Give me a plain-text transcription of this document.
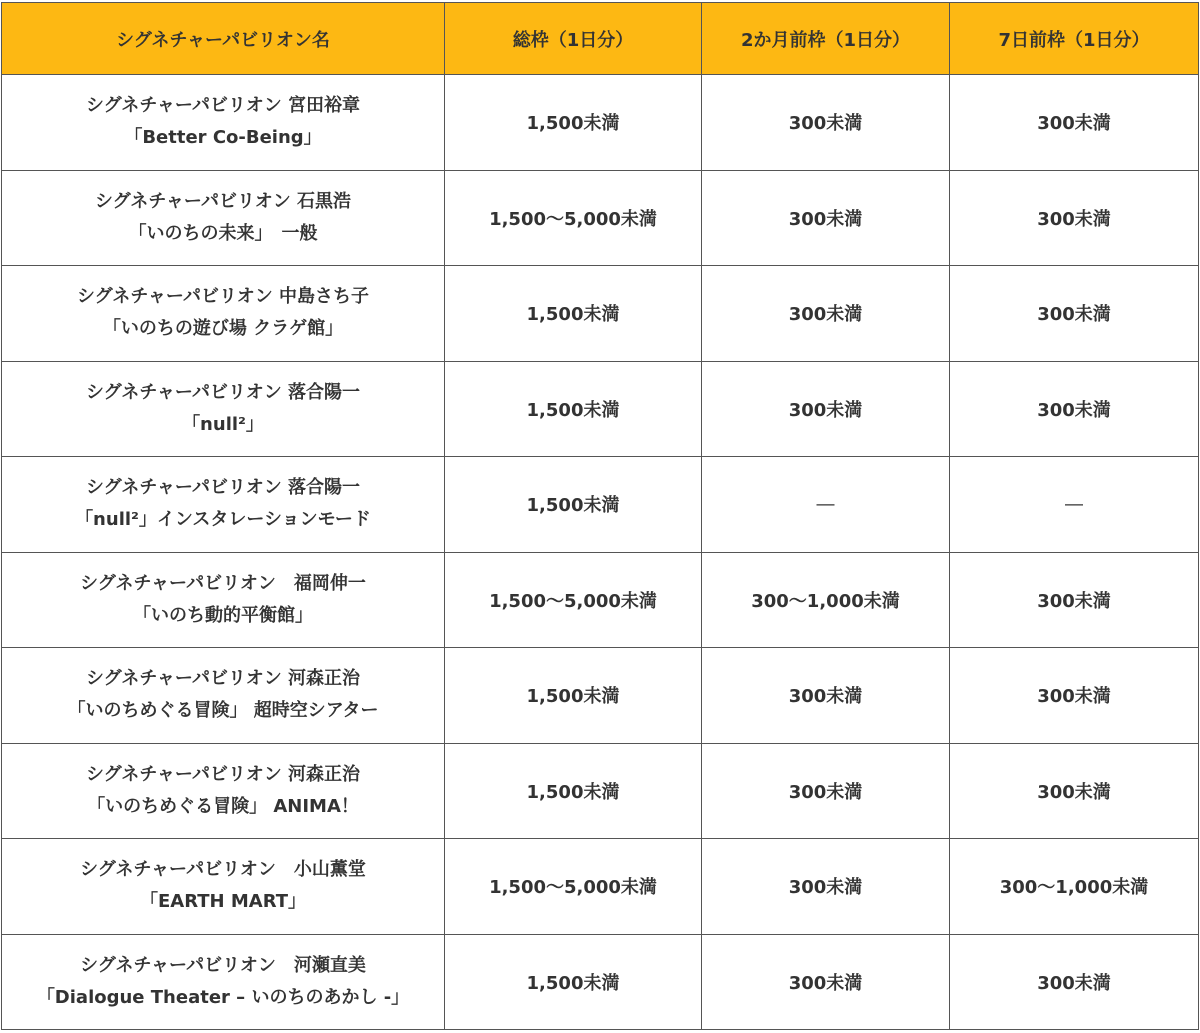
シグネチャーパビリオン名	総枠（1日分）	2か月前枠（1日分）	7日前枠（1日分）

シグネチャーパビリオン 宮田裕章
「Better Co-Being」	1,500未満	300未満	300未満

シグネチャーパビリオン 石黒浩
「いのちの未来」　一般	1,500～5,000未満	300未満	300未満

シグネチャーパビリオン 中島さち子
「いのちの遊び場 クラゲ館」	1,500未満	300未満	300未満

シグネチャーパビリオン 落合陽一
「null²」	1,500未満	300未満	300未満

シグネチャーパビリオン 落合陽一
「null²」インスタレーションモード	1,500未満	―	―

シグネチャーパビリオン　福岡伸一
「いのち動的平衡館」	1,500～5,000未満	300～1,000未満	300未満

シグネチャーパビリオン 河森正治
「いのちめぐる冒険」 超時空シアター	1,500未満	300未満	300未満

シグネチャーパビリオン 河森正治
「いのちめぐる冒険」 ANIMA！	1,500未満	300未満	300未満

シグネチャーパビリオン　小山薫堂
「EARTH MART」	1,500～5,000未満	300未満	300～1,000未満

シグネチャーパビリオン　河瀬直美
「Dialogue Theater – いのちのあかし -」	1,500未満	300未満	300未満
